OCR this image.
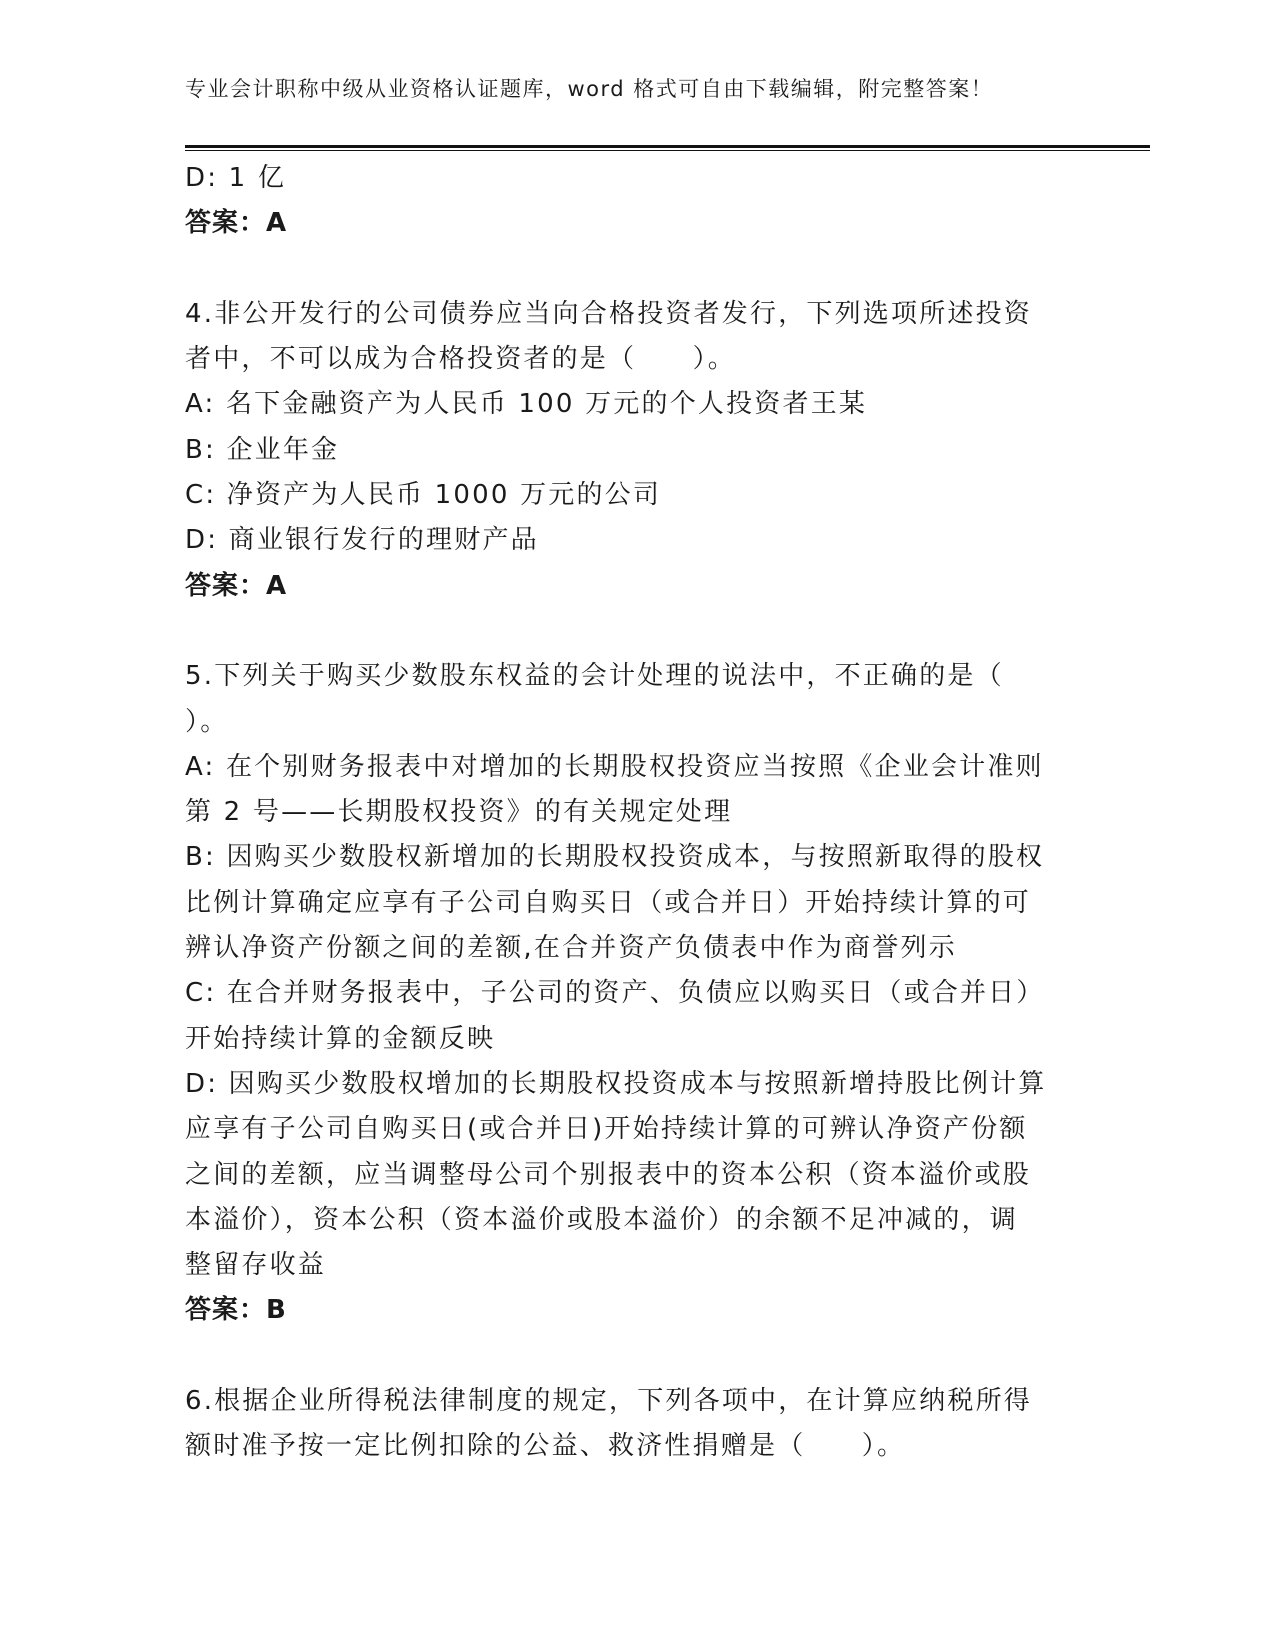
专业会计职称中级从业资格认证题库，word 格式可自由下载编辑，附完整答案！
D: 1 亿
答案：A
4.非公开发行的公司债券应当向合格投资者发行，下列选项所述投资
者中，不可以成为合格投资者的是（　　）。
A: 名下金融资产为人民币 100 万元的个人投资者王某
B: 企业年金
C: 净资产为人民币 1000 万元的公司
D: 商业银行发行的理财产品
答案：A
5.下列关于购买少数股东权益的会计处理的说法中，不正确的是（
）。
A: 在个别财务报表中对增加的长期股权投资应当按照《企业会计准则
第 2 号——长期股权投资》的有关规定处理
B: 因购买少数股权新增加的长期股权投资成本，与按照新取得的股权
比例计算确定应享有子公司自购买日（或合并日）开始持续计算的可
辨认净资产份额之间的差额,在合并资产负债表中作为商誉列示
C: 在合并财务报表中，子公司的资产、负债应以购买日（或合并日）
开始持续计算的金额反映
D: 因购买少数股权增加的长期股权投资成本与按照新增持股比例计算
应享有子公司自购买日(或合并日)开始持续计算的可辨认净资产份额
之间的差额，应当调整母公司个别报表中的资本公积（资本溢价或股
本溢价），资本公积（资本溢价或股本溢价）的余额不足冲减的，调
整留存收益
答案：B
6.根据企业所得税法律制度的规定，下列各项中，在计算应纳税所得
额时准予按一定比例扣除的公益、救济性捐赠是（　　）。
